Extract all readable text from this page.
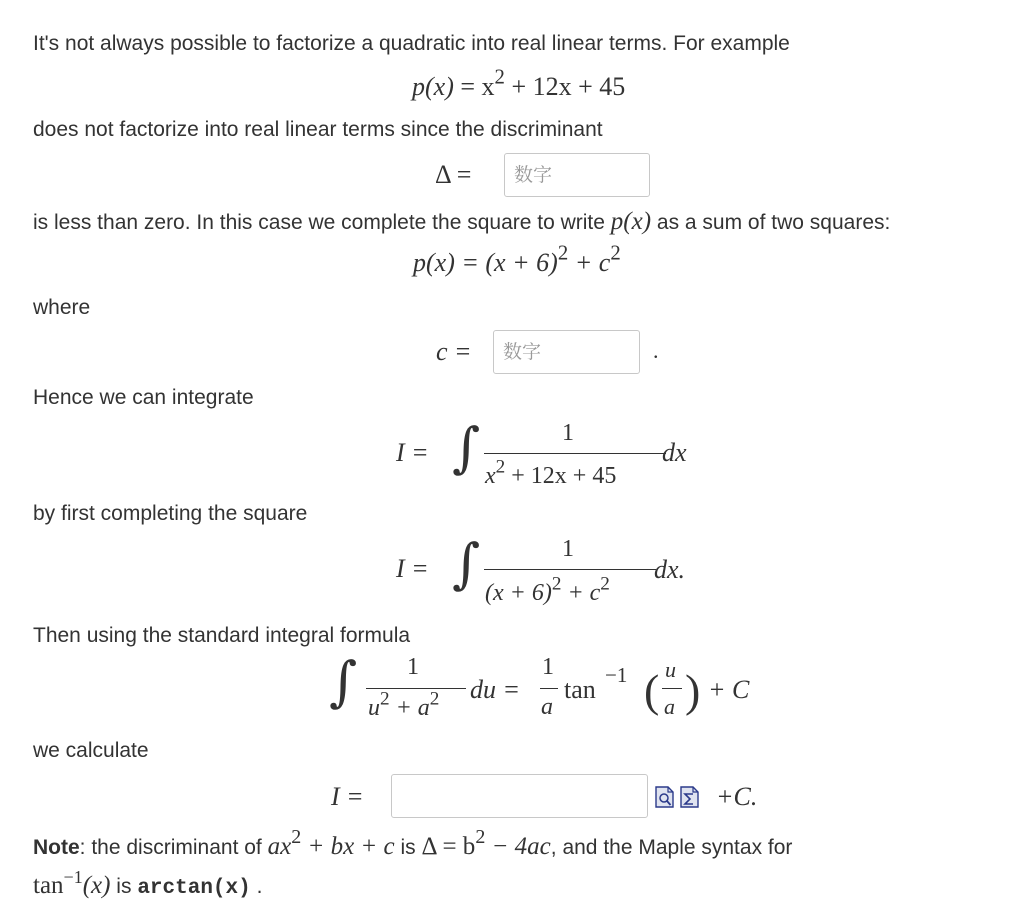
It's not always possible to factorize a quadratic into real linear terms. For example
$p(x) = x^2 + 12x + 45$
does not factorize into real linear terms since the discriminant
Δ =
数字
is less than zero. In this case we complete the square to write p(x) as a sum of two squares:
$p(x) = (x + 6)^2 + c^2$
where
c =
数字	.
Hence we can integrate
I = ∫	1
$x^2 + 12x + 45$
dx
by first completing the square
I = ∫	1
$(x + 6)^2 + c^2$ dx.
Then using the standard integral formula
∫ 1
$u^2 + a^2$ du =
1
a
tan −1 ( u
a ) + C
we calculate
I =	+C.
Note: the discriminant of $ax^2$ + bx + c is $\Delta = b^2 - 4ac$, and the Maple syntax for
$\tan^{-1}(x)$ is arctan(x) .
